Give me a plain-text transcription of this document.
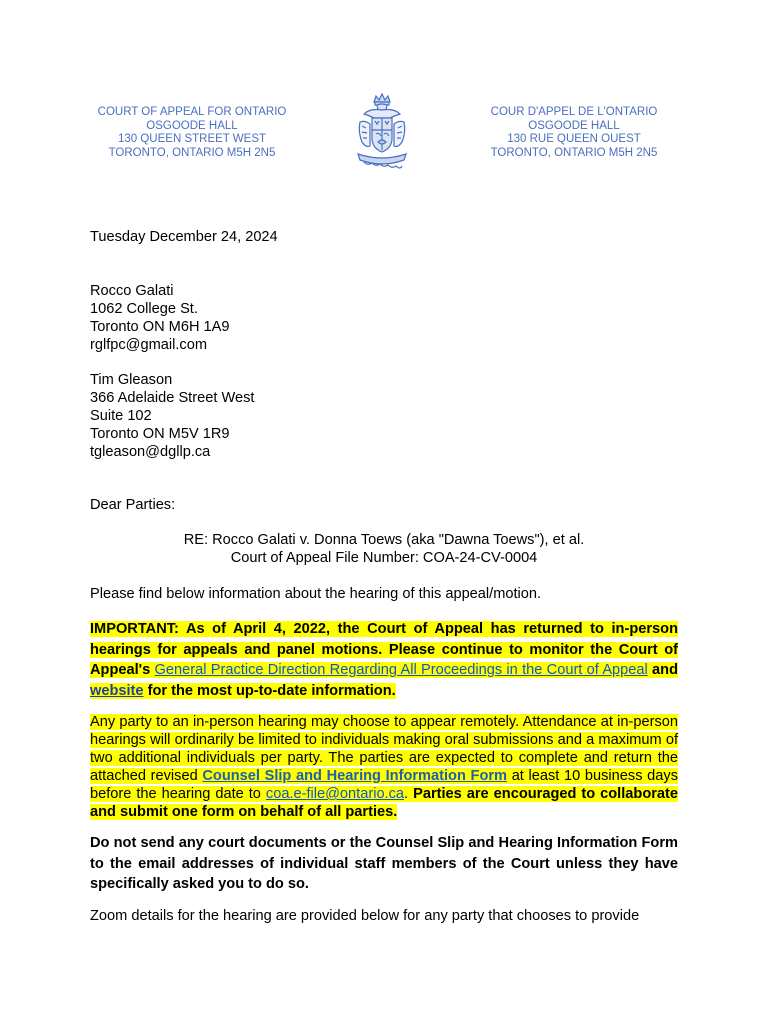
COURT OF APPEAL FOR ONTARIO
OSGOODE HALL
130 QUEEN STREET WEST
TORONTO, ONTARIO M5H 2N5
COUR D'APPEL DE L'ONTARIO
OSGOODE HALL
130 RUE QUEEN OUEST
TORONTO, ONTARIO M5H 2N5
Tuesday December 24, 2024
Rocco Galati
1062 College St.
Toronto ON M6H 1A9
rglfpc@gmail.com
Tim Gleason
366 Adelaide Street West
Suite 102
Toronto ON M5V 1R9
tgleason@dgllp.ca
Dear Parties:
RE: Rocco Galati v. Donna Toews (aka "Dawna Toews"), et al.
Court of Appeal File Number: COA-24-CV-0004
Please find below information about the hearing of this appeal/motion.
IMPORTANT: As of April 4, 2022, the Court of Appeal has returned to in-person hearings for appeals and panel motions. Please continue to monitor the Court of Appeal's General Practice Direction Regarding All Proceedings in the Court of Appeal and website for the most up-to-date information.
Any party to an in-person hearing may choose to appear remotely. Attendance at in-person hearings will ordinarily be limited to individuals making oral submissions and a maximum of two additional individuals per party. The parties are expected to complete and return the attached revised Counsel Slip and Hearing Information Form at least 10 business days before the hearing date to coa.e-file@ontario.ca. Parties are encouraged to collaborate and submit one form on behalf of all parties.
Do not send any court documents or the Counsel Slip and Hearing Information Form to the email addresses of individual staff members of the Court unless they have specifically asked you to do so.
Zoom details for the hearing are provided below for any party that chooses to provide
